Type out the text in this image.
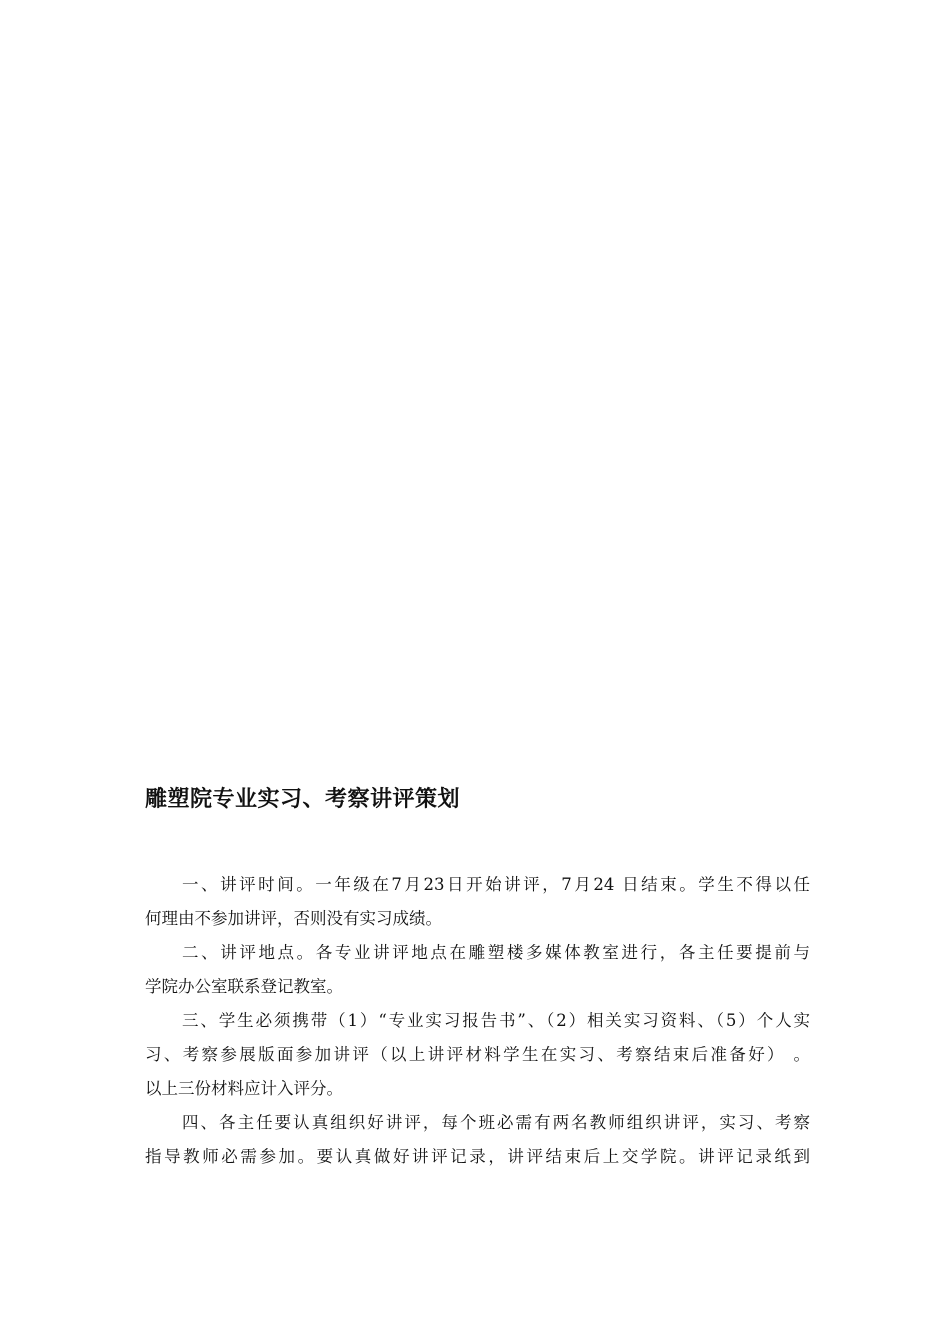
雕塑院专业实习、考察讲评策划
一、讲评时间。一年级在7月23日开始讲评，7月24 日结束。学生不得以任
何理由不参加讲评，否则没有实习成绩。
二、讲评地点。各专业讲评地点在雕塑楼多媒体教室进行，各主任要提前与
学院办公室联系登记教室。
三、学生必须携带（1）“专业实习报告书”、（2）相关实习资料、（5）个人实
习、考察参展版面参加讲评（以上讲评材料学生在实习、考察结束后准备好） 。
以上三份材料应计入评分。
四、各主任要认真组织好讲评，每个班必需有两名教师组织讲评，实习、考察
指导教师必需参加。要认真做好讲评记录，讲评结束后上交学院。讲评记录纸到
